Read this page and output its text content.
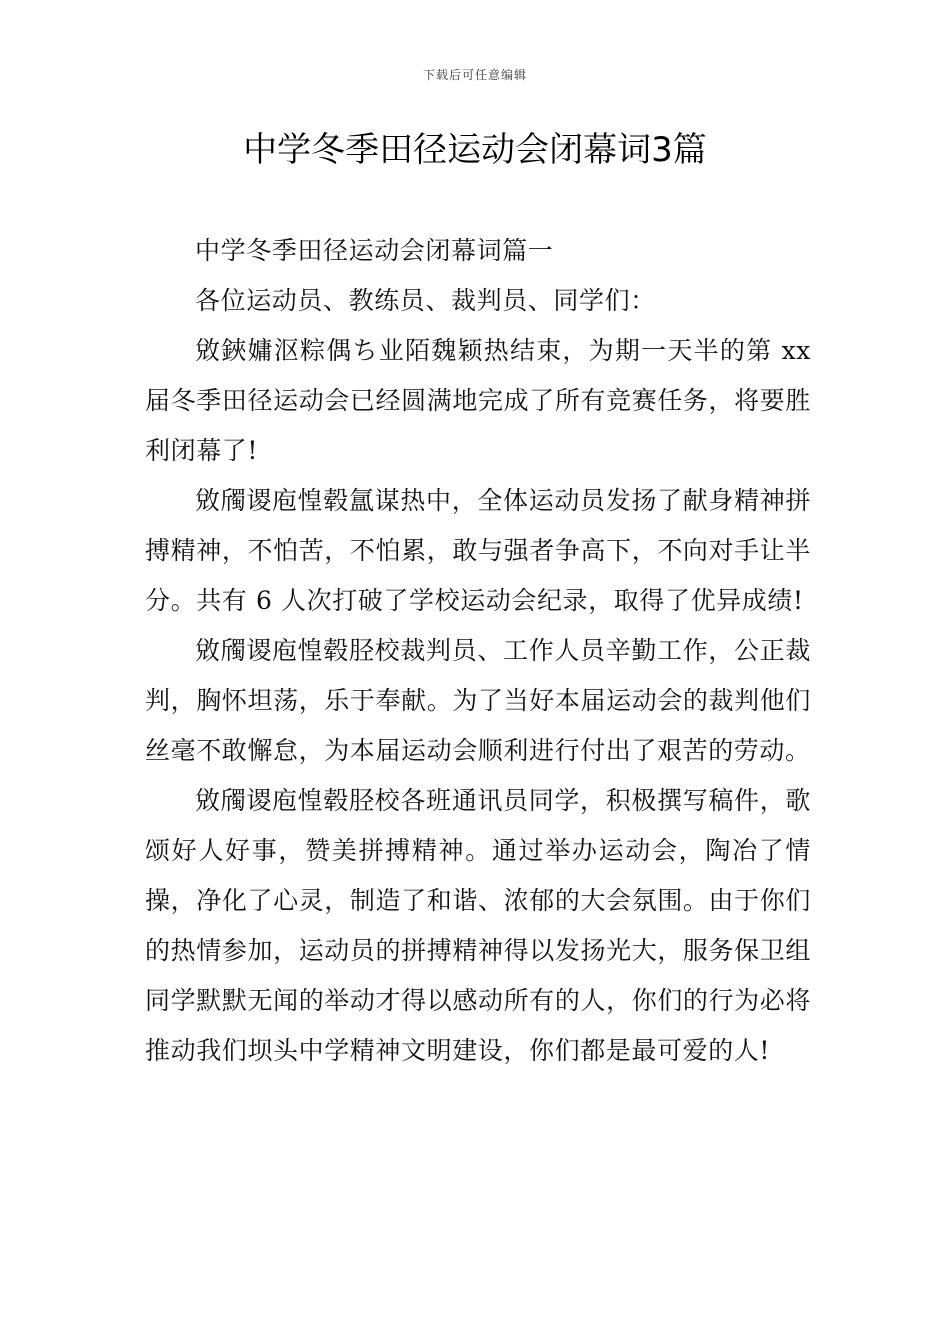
下载后可任意编辑
中学冬季田径运动会闭幕词3篇

中学冬季田径运动会闭幕词篇一

各位运动员、教练员、裁判员、同学们：

敓鋏嫞沤粽偶ち业陌魏颖热结束，为期一天半的第 xx 届冬季田径运动会已经圆满地完成了所有竞赛任务，将要胜利闭幕了!

敓斶谡庖惶毂氲谋热中，全体运动员发扬了献身精神拼搏精神，不怕苦，不怕累，敢与强者争高下，不向对手让半分。共有 6 人次打破了学校运动会纪录，取得了优异成绩!

敓斶谡庖惶毂胫校裁判员、工作人员辛勤工作，公正裁判，胸怀坦荡，乐于奉献。为了当好本届运动会的裁判他们丝毫不敢懈怠，为本届运动会顺利进行付出了艰苦的劳动。

敓斶谡庖惶毂胫校各班通讯员同学，积极撰写稿件，歌颂好人好事，赞美拼搏精神。通过举办运动会，陶冶了情操，净化了心灵，制造了和谐、浓郁的大会氛围。由于你们的热情参加，运动员的拼搏精神得以发扬光大，服务保卫组同学默默无闻的举动才得以感动所有的人，你们的行为必将推动我们坝头中学精神文明建设，你们都是最可爱的人!
